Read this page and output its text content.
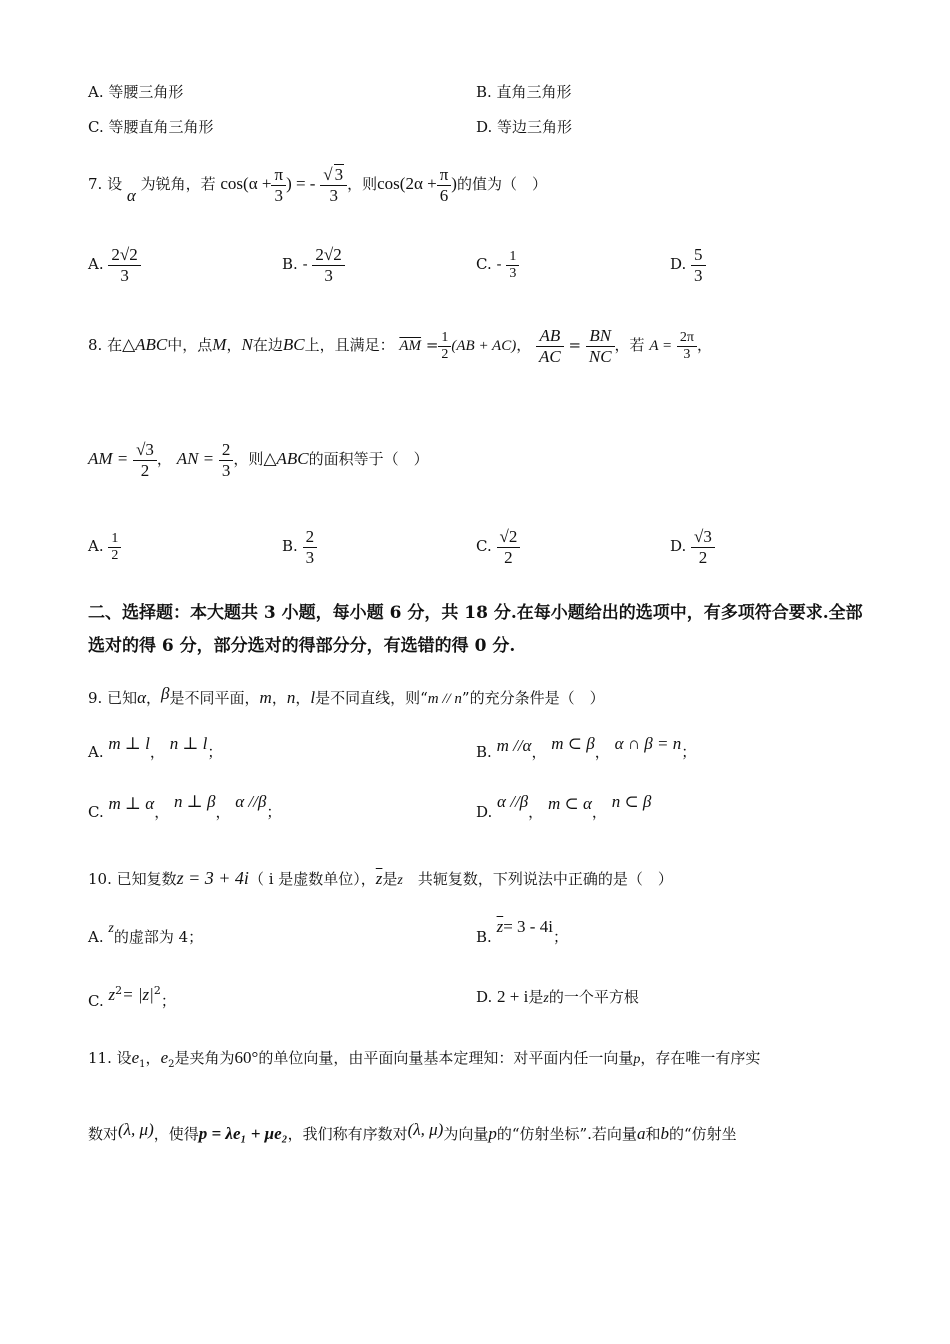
A. 等腰三角形	B. 直角三角形
C. 等腰直角三角形	D. 等边三角形
7. 设 α 为锐角，若 $\cos(\alpha + \frac{\pi}{3}$ ) = - $\frac{√ 3}{3}$ ，则$\cos(2\alpha + \frac{\pi}{6}$ )的值为（　）
A. $\frac{2√2}{3}$	B. - $\frac{2√2}{3}$	C. - $\frac{1}{3}$	D. $\frac{5}{3}$
8. 在△ABC中，点M，N在边BC上，且满足： $\overline{AM} = \frac{1}{2} (AB + AC)$， $\frac{AB}{AC} = \frac{BN}{NC}$ ，若 $A = \frac{2\pi}{3}$ ，
AM = $\frac{√3}{2}$ ， AN = $\frac{2}{3}$ ，则△ABC的面积等于（　）
A. $\frac{1}{2}$	B. $\frac{2}{3}$	C. $\frac{√2}{2}$	D. $\frac{√3}{2}$
二、选择题：本大题共 3 小题，每小题 6 分，共 18 分.在每小题给出的选项中，有多项符合要求.全部选对的得 6 分，部分选对的得部分分，有选错的得 0 分.
9. 已知α，β是不同平面，m，n，l是不同直线，则“m // n”的充分条件是（　）
A. m ⊥ l， n ⊥ l；	B. m //α， m ⊂ β， α ∩ β = n；
C. m ⊥ α， n ⊥ β， α //β；	D. α //β， m ⊂ α， n ⊂ β
10. 已知复数z = 3 + 4i（ i 是虚数单位），$\overline{z}$是z　 共轭复数，下列说法中正确的是（　）
A. z的虚部为 4；	B. $\overline{z}= 3 - 4i$；
C. $z^2= |z|^2$；	D. 2 + i是z的一个平方根
11. 设$e_1$，$e_2$是夹角为60°的单位向量，由平面向量基本定理知：对平面内任一向量p，存在唯一有序实
数对(λ, μ)，使得p = λe₁ + μe₂，我们称有序数对(λ, μ)为向量p的“仿射坐标”.若向量a和b的“仿射坐
